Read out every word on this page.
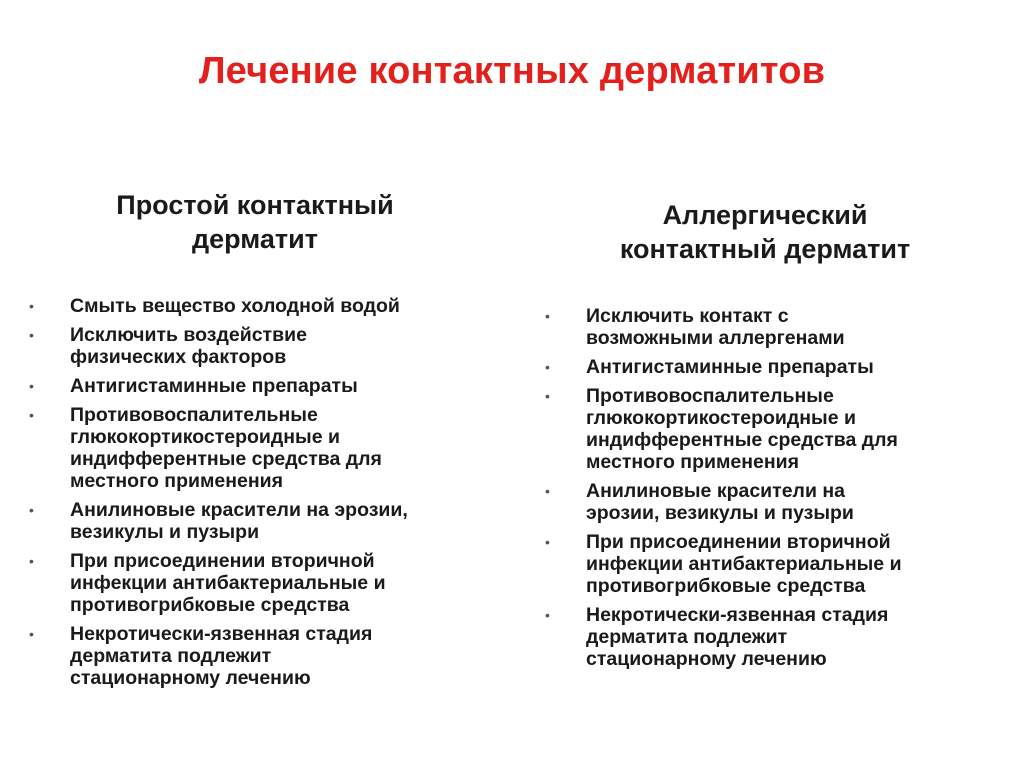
Лечение контактных дерматитов
Простой контактный
дерматит
Аллергический
контактный дерматит
• Смыть вещество холодной водой
• Исключить воздействие
физических факторов
• Антигистаминные препараты
• Противовоспалительные
глюкокортикостероидные и
индифферентные средства для
местного применения
• Анилиновые красители на эрозии,
везикулы и пузыри
• При присоединении вторичной
инфекции антибактериальные и
противогрибковые средства
• Некротически-язвенная стадия
дерматита подлежит
стационарному лечению
• Исключить контакт с
возможными аллергенами
• Антигистаминные препараты
• Противовоспалительные
глюкокортикостероидные и
индифферентные средства для
местного применения
• Анилиновые красители на
эрозии, везикулы и пузыри
• При присоединении вторичной
инфекции антибактериальные и
противогрибковые средства
• Некротически-язвенная стадия
дерматита подлежит
стационарному лечению
